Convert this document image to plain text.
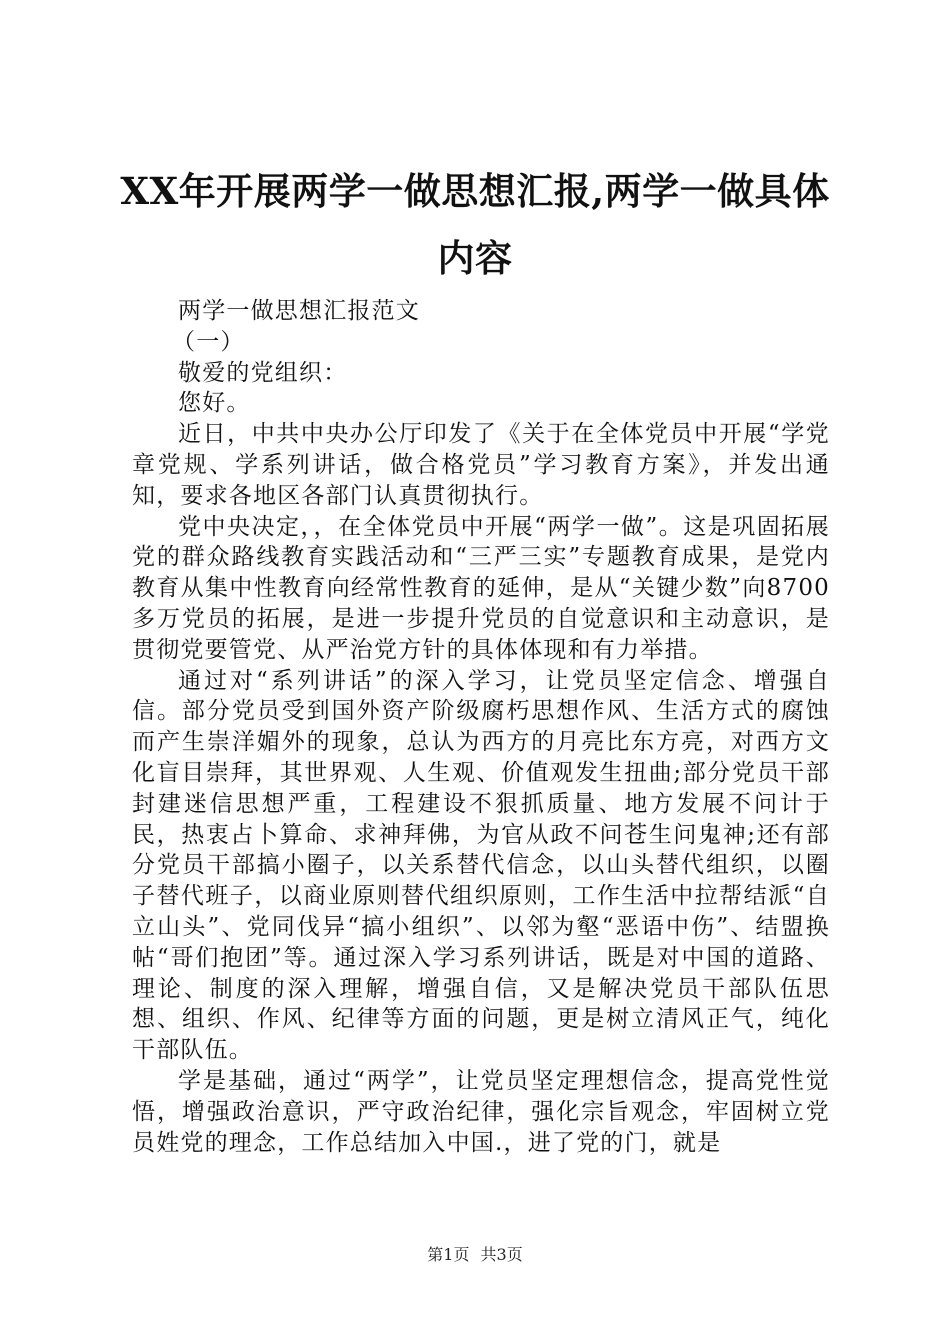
XX年开展两学一做思想汇报,两学一做具体内容

两学一做思想汇报范文

（一）

敬爱的党组织：

您好。

近日，中共中央办公厅印发了《关于在全体党员中开展“学党章党规、学系列讲话，做合格党员”学习教育方案》，并发出通知，要求各地区各部门认真贯彻执行。

党中央决定，，在全体党员中开展“两学一做”。这是巩固拓展党的群众路线教育实践活动和“三严三实”专题教育成果，是党内教育从集中性教育向经常性教育的延伸，是从“关键少数”向8700多万党员的拓展，是进一步提升党员的自觉意识和主动意识，是贯彻党要管党、从严治党方针的具体体现和有力举措。

通过对“系列讲话”的深入学习，让党员坚定信念、增强自信。部分党员受到国外资产阶级腐朽思想作风、生活方式的腐蚀而产生崇洋媚外的现象，总认为西方的月亮比东方亮，对西方文化盲目崇拜，其世界观、人生观、价值观发生扭曲;部分党员干部封建迷信思想严重，工程建设不狠抓质量、地方发展不问计于民，热衷占卜算命、求神拜佛，为官从政不问苍生问鬼神;还有部分党员干部搞小圈子，以关系替代信念，以山头替代组织，以圈子替代班子，以商业原则替代组织原则，工作生活中拉帮结派“自立山头”、党同伐异“搞小组织”、以邻为壑“恶语中伤”、结盟换帖“哥们抱团”等。通过深入学习系列讲话，既是对中国的道路、理论、制度的深入理解，增强自信，又是解决党员干部队伍思想、组织、作风、纪律等方面的问题，更是树立清风正气，纯化干部队伍。

学是基础，通过“两学”，让党员坚定理想信念，提高党性觉悟，增强政治意识，严守政治纪律，强化宗旨观念，牢固树立党员姓党的理念，工作总结加入中国.，进了党的门，就是

第1页 共3页
